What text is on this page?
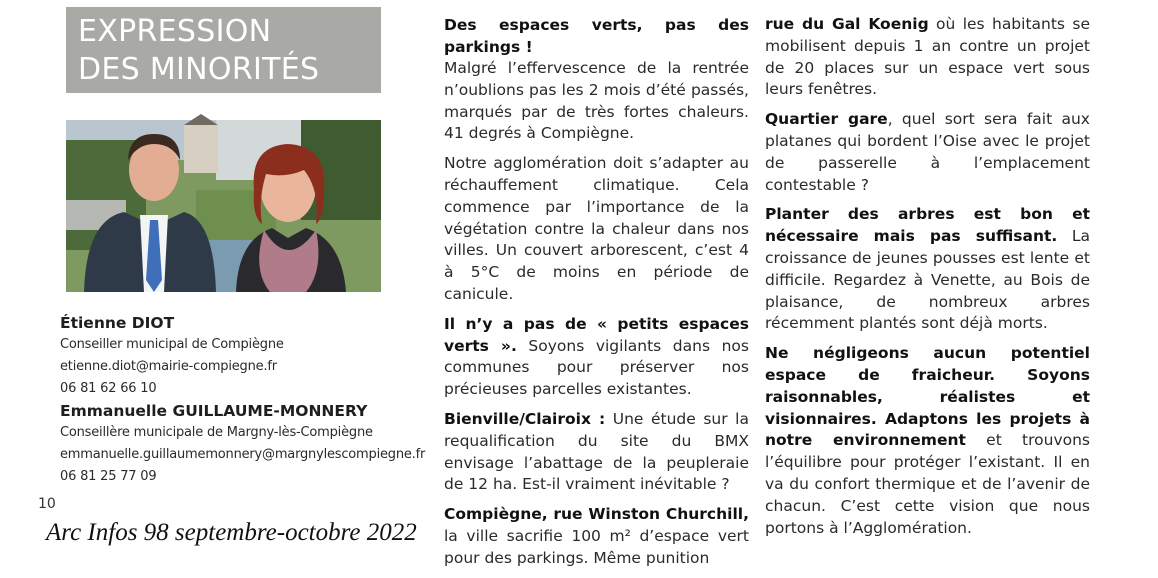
EXPRESSION
DES MINORITÉS
Étienne DIOT
Conseiller municipal de Compiègne
etienne.diot@mairie-compiegne.fr
06 81 62 66 10
Emmanuelle GUILLAUME-MONNERY
Conseillère municipale de Margny-lès-Compiègne
emmanuelle.guillaumemonnery@margnylescompiegne.fr
06 81 25 77 09
10
Arc Infos 98 septembre-octobre 2022
Des espaces verts, pas des parkings !

Malgré l’effervescence de la rentrée n’oublions pas les 2 mois d’été passés, marqués par de très fortes chaleurs. 41 degrés à Compiègne.

Notre agglomération doit s’adapter au réchauffement climatique. Cela commence par l’importance de la végétation contre la chaleur dans nos villes. Un couvert arborescent, c’est 4 à 5°C de moins en période de canicule.

Il n’y a pas de « petits espaces verts ». Soyons vigilants dans nos communes pour préserver nos précieuses parcelles existantes.

Bienville/Clairoix : Une étude sur la requalification du site du BMX envisage l’abattage de la peupleraie de 12 ha. Est-il vraiment inévitable ?

Compiègne, rue Winston Churchill, la ville sacrifie 100 m² d’espace vert pour des parkings. Même punition

rue du Gal Koenig où les habitants se mobilisent depuis 1 an contre un projet de 20 places sur un espace vert sous leurs fenêtres.

Quartier gare, quel sort sera fait aux platanes qui bordent l’Oise avec le projet de passerelle à l’emplacement contestable ?

Planter des arbres est bon et nécessaire mais pas suffisant. La croissance de jeunes pousses est lente et difficile. Regardez à Venette, au Bois de plaisance, de nombreux arbres récemment plantés sont déjà morts.

Ne négligeons aucun potentiel espace de fraicheur. Soyons raisonnables, réalistes et visionnaires. Adaptons les projets à notre environnement et trouvons l’équilibre pour protéger l’existant. Il en va du confort thermique et de l’avenir de chacun. C’est cette vision que nous portons à l’Agglomération.
